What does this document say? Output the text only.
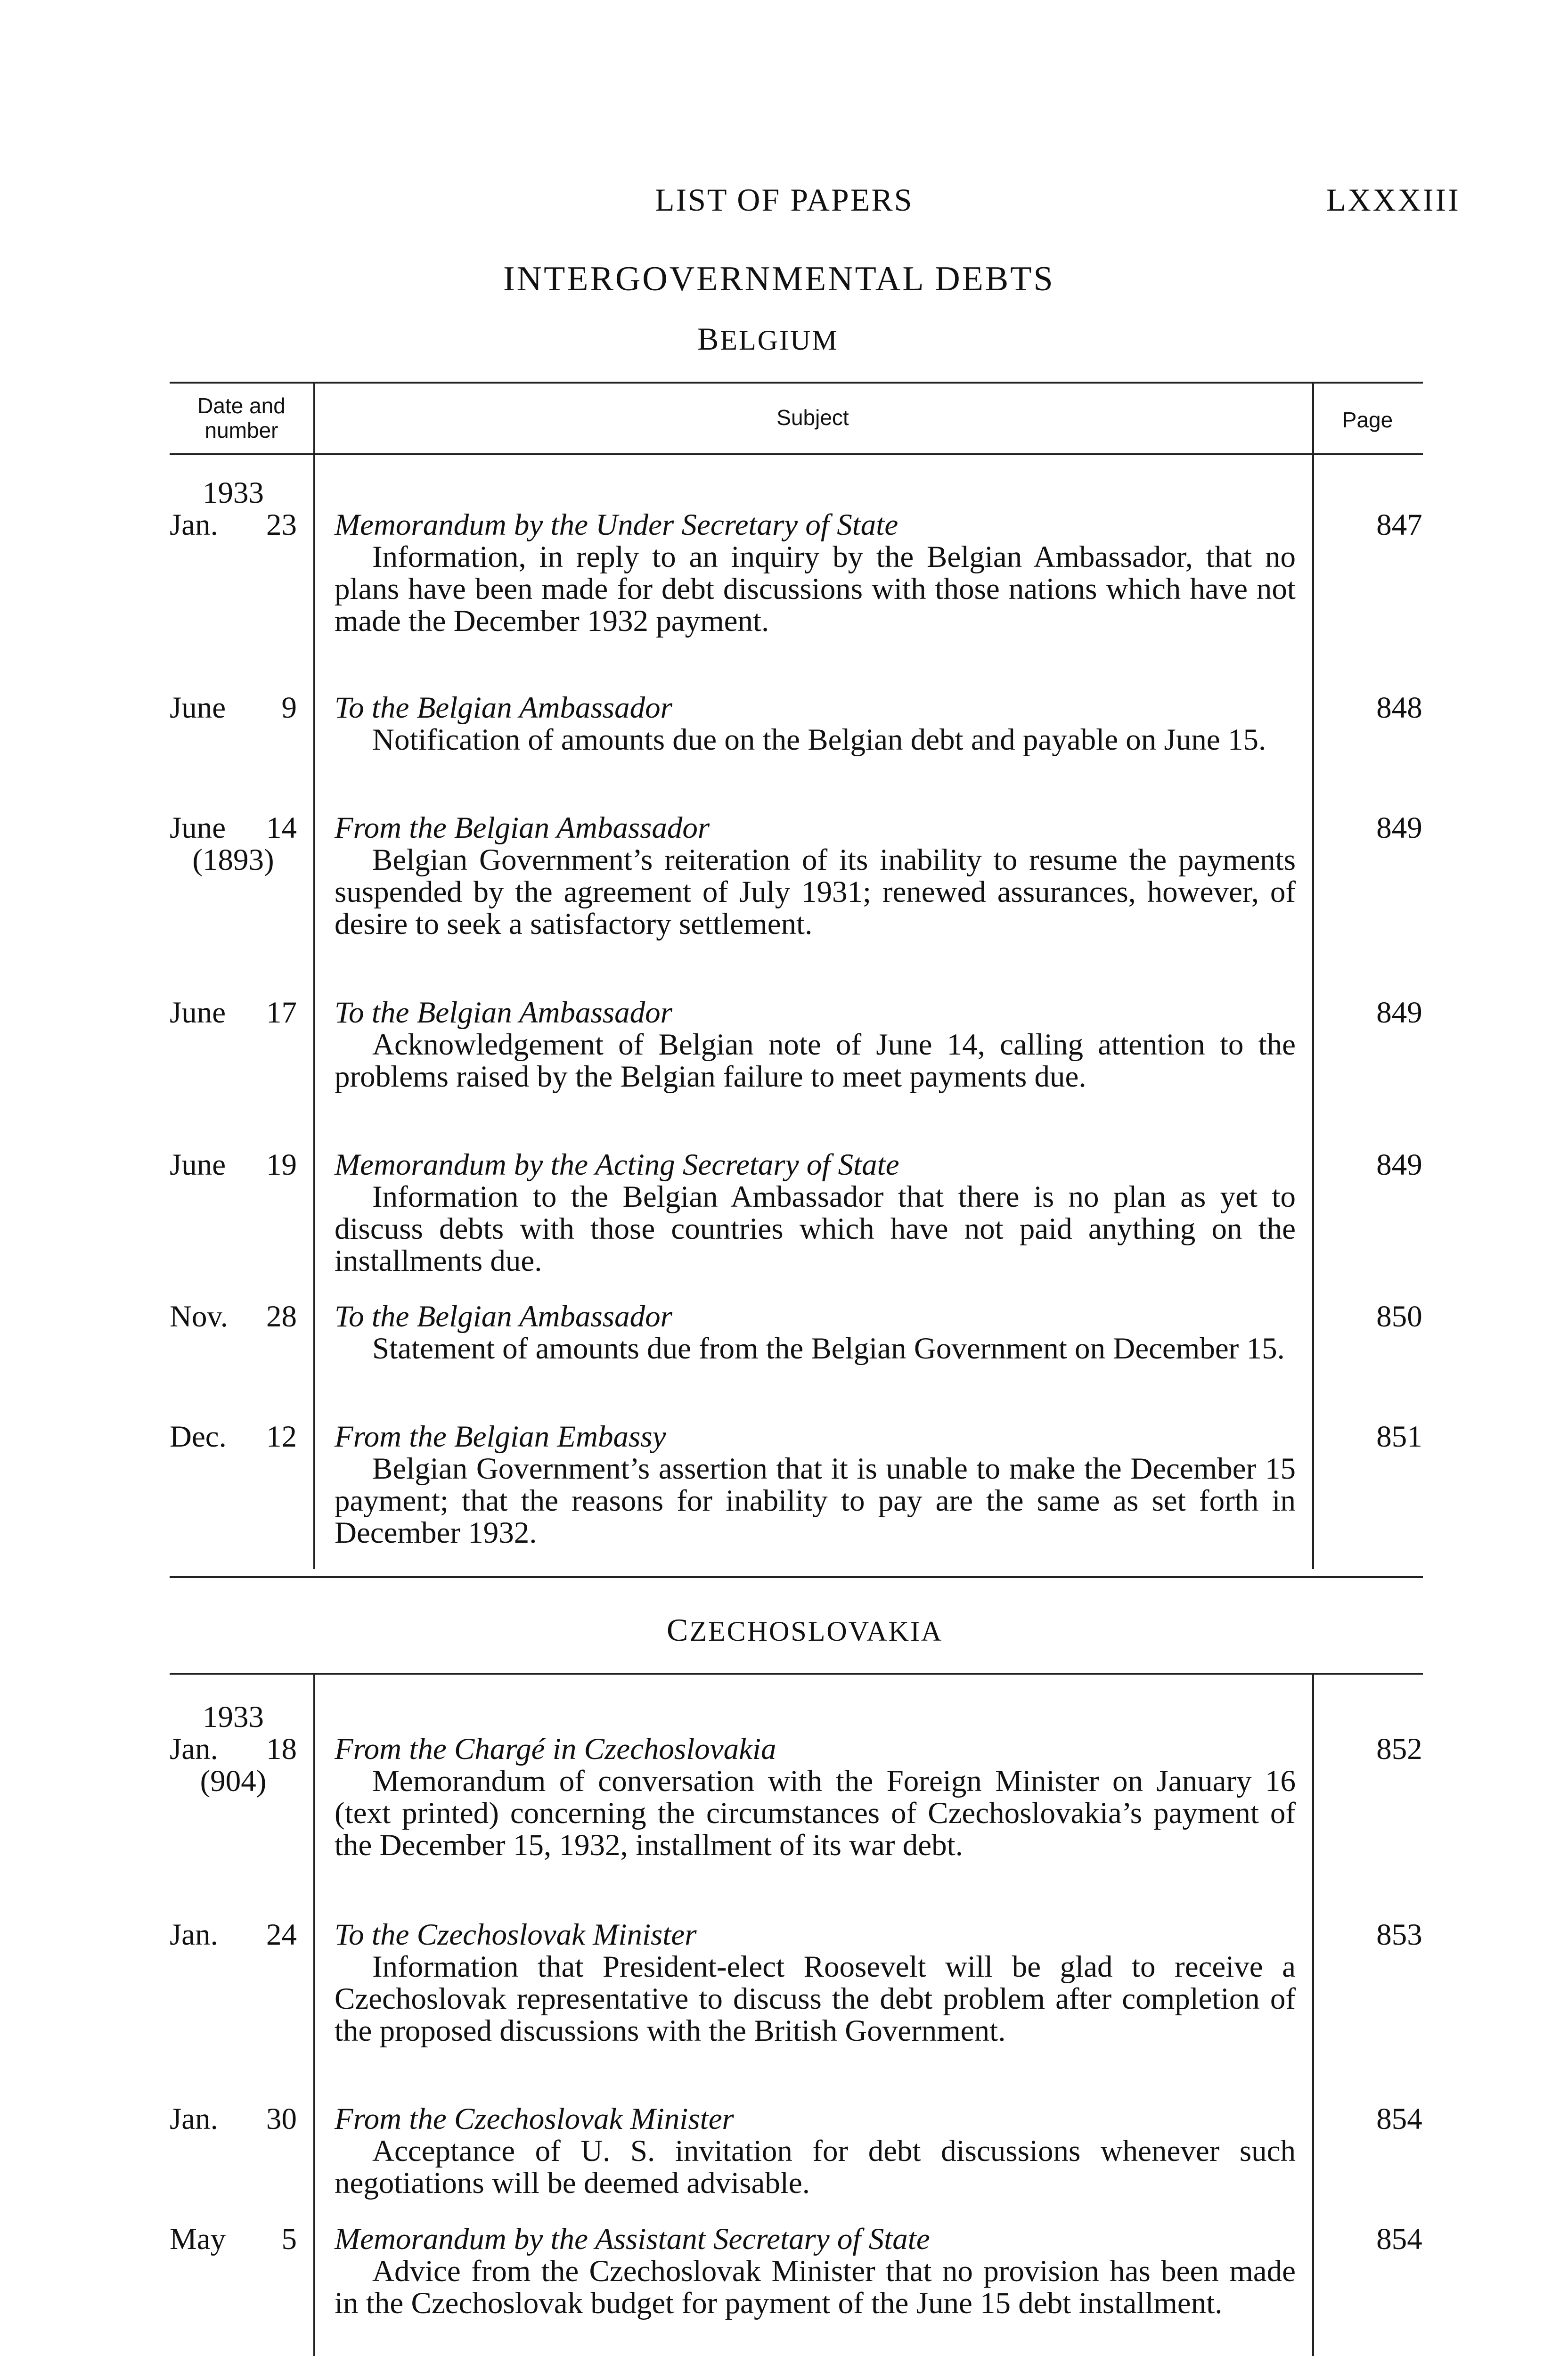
LIST OF PAPERS	LXXXIII
INTERGOVERNMENTAL DEBTS
BELGIUM
Date and
number
Subject	Page
1933
Jan. 23 Memorandum by the Under Secretary of State
Information, in reply to an inquiry by the Belgian Ambassador, that no plans have been made for debt discussions with those nations which have not made the December 1932 payment.
847
June 9 To the Belgian Ambassador
Notification of amounts due on the Belgian debt and payable on June 15.
848
June 14
(1893)
From the Belgian Ambassador
Belgian Government’s reiteration of its inability to resume the payments suspended by the agreement of July 1931; renewed assurances, however, of desire to seek a satisfactory settlement.
849
June 17 To the Belgian Ambassador
Acknowledgement of Belgian note of June 14, calling attention to the problems raised by the Belgian failure to meet payments due.
849
June 19 Memorandum by the Acting Secretary of State
Information to the Belgian Ambassador that there is no plan as yet to discuss debts with those countries which have not paid anything on the installments due.
849
Nov. 28 To the Belgian Ambassador
Statement of amounts due from the Belgian Government on December 15.
850
Dec. 12 From the Belgian Embassy
Belgian Government’s assertion that it is unable to make the December 15 payment; that the reasons for inability to pay are the same as set forth in December 1932.
851
CZECHOSLOVAKIA
1933
Jan. 18
(904)
From the Chargé in Czechoslovakia
Memorandum of conversation with the Foreign Minister on January 16 (text printed) concerning the circumstances of Czechoslovakia’s payment of the December 15, 1932, installment of its war debt.
852
Jan. 24 To the Czechoslovak Minister
Information that President-elect Roosevelt will be glad to receive a Czechoslovak representative to discuss the debt problem after completion of the proposed discussions with the British Government.
853
Jan. 30 From the Czechoslovak Minister
Acceptance of U. S. invitation for debt discussions whenever such negotiations will be deemed advisable.
854
May 5 Memorandum by the Assistant Secretary of State
Advice from the Czechoslovak Minister that no provision has been made in the Czechoslovak budget for payment of the June 15 debt installment.
854
